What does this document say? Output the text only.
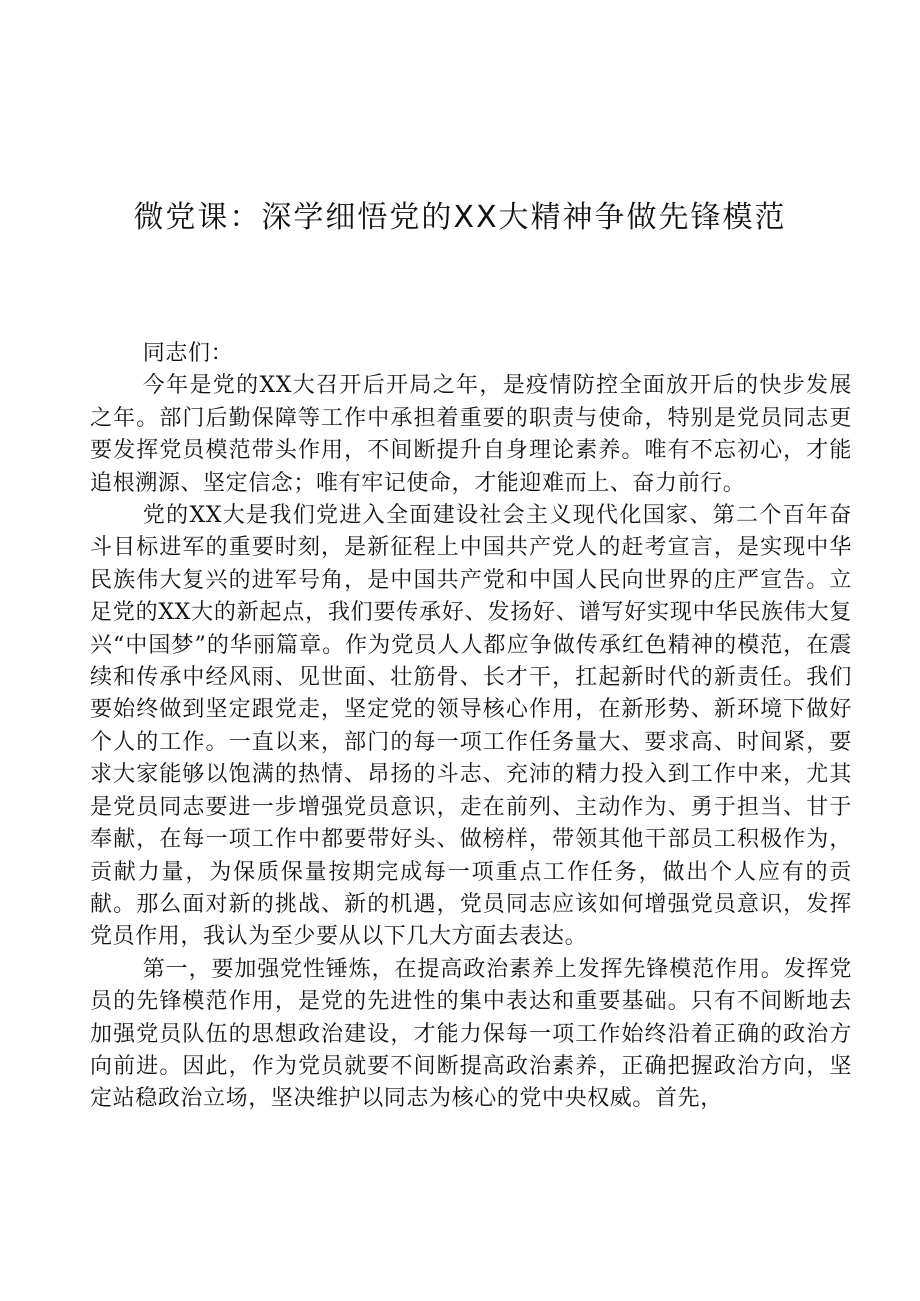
微党课：深学细悟党的XX大精神争做先锋模范

同志们：

今年是党的XX大召开后开局之年，是疫情防控全面放开后的快步发展之年。部门后勤保障等工作中承担着重要的职责与使命，特别是党员同志更要发挥党员模范带头作用，不间断提升自身理论素养。唯有不忘初心，才能追根溯源、坚定信念；唯有牢记使命，才能迎难而上、奋力前行。

党的XX大是我们党进入全面建设社会主义现代化国家、第二个百年奋斗目标进军的重要时刻，是新征程上中国共产党人的赶考宣言，是实现中华民族伟大复兴的进军号角，是中国共产党和中国人民向世界的庄严宣告。立足党的XX大的新起点，我们要传承好、发扬好、谱写好实现中华民族伟大复兴“中国梦”的华丽篇章。作为党员人人都应争做传承红色精神的模范，在震续和传承中经风雨、见世面、壮筋骨、长才干，扛起新时代的新责任。我们要始终做到坚定跟党走，坚定党的领导核心作用，在新形势、新环境下做好个人的工作。一直以来，部门的每一项工作任务量大、要求高、时间紧，要求大家能够以饱满的热情、昂扬的斗志、充沛的精力投入到工作中来，尤其是党员同志要进一步增强党员意识，走在前列、主动作为、勇于担当、甘于奉献，在每一项工作中都要带好头、做榜样，带领其他干部员工积极作为，贡献力量，为保质保量按期完成每一项重点工作任务，做出个人应有的贡献。那么面对新的挑战、新的机遇，党员同志应该如何增强党员意识，发挥党员作用，我认为至少要从以下几大方面去表达。

第一，要加强党性锤炼，在提高政治素养上发挥先锋模范作用。发挥党员的先锋模范作用，是党的先进性的集中表达和重要基础。只有不间断地去加强党员队伍的思想政治建设，才能力保每一项工作始终沿着正确的政治方向前进。因此，作为党员就要不间断提高政治素养，正确把握政治方向，坚定站稳政治立场，坚决维护以同志为核心的党中央权威。首先，
